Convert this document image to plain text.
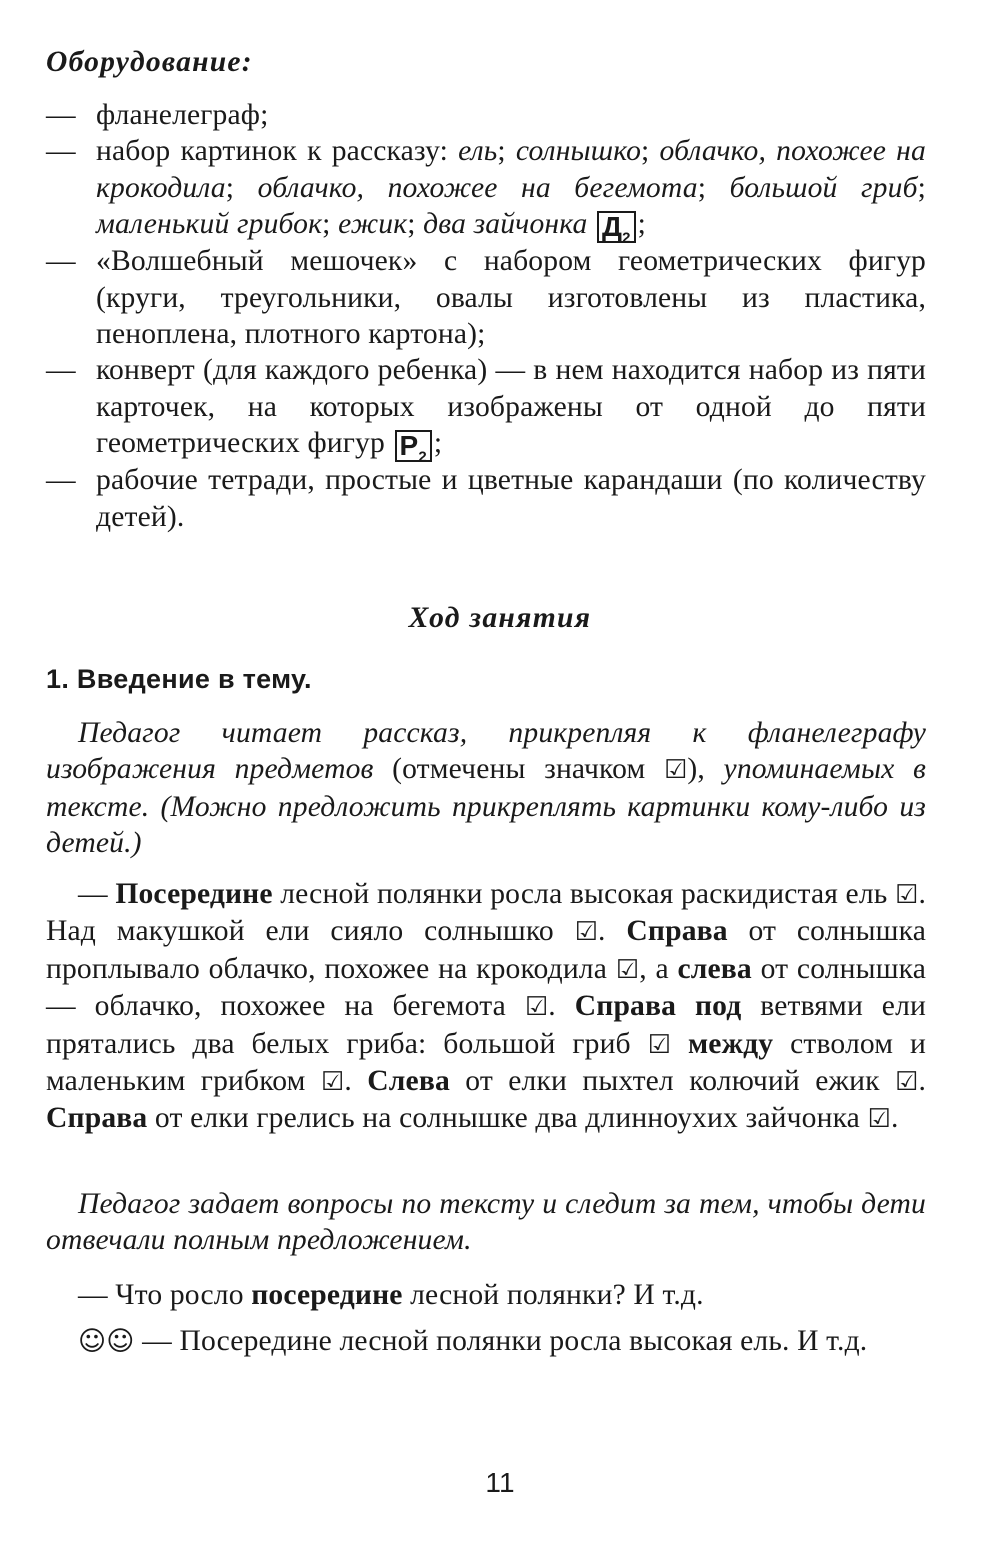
Оборудование:

— фланелеграф;
— набор картинок к рассказу: ель; солнышко; облачко, похожее на крокодила; облачко, похожее на бегемота; большой гриб; маленький грибок; ежик; два зайчонка $Д_2$ ;
— «Волшебный мешочек» с набором геометрических фигур (круги, треугольники, овалы изготовлены из пластика, пеноплена, плотного картона);
— конверт (для каждого ребенка) — в нем находится набор из пяти карточек, на которых изображены от одной до пяти геометрических фигур $Р_2$ ;
— рабочие тетради, простые и цветные карандаши (по количеству детей).

Ход занятия

1. Введение в тему.

Педагог читает рассказ, прикрепляя к фланелеграфу изображения предметов (отмечены значком ☑), упоминаемых в тексте. (Можно предложить прикреплять картинки кому-либо из детей.)

— Посередине лесной полянки росла высокая раскидистая ель ☑. Над макушкой ели сияло солнышко ☑. Справа от солнышка проплывало облачко, похожее на крокодила ☑, а слева от солнышка — облачко, похожее на бегемота ☑. Справа под ветвями ели прятались два белых гриба: большой гриб ☑ между стволом и маленьким грибком ☑. Слева от елки пыхтел колючий ежик ☑. Справа от елки грелись на солнышке два длинноухих зайчонка ☑.

Педагог задает вопросы по тексту и следит за тем, чтобы дети отвечали полным предложением.

— Что росло посередине лесной полянки? И т.д.

☺☺ — Посередине лесной полянки росла высокая ель. И т.д.

11
